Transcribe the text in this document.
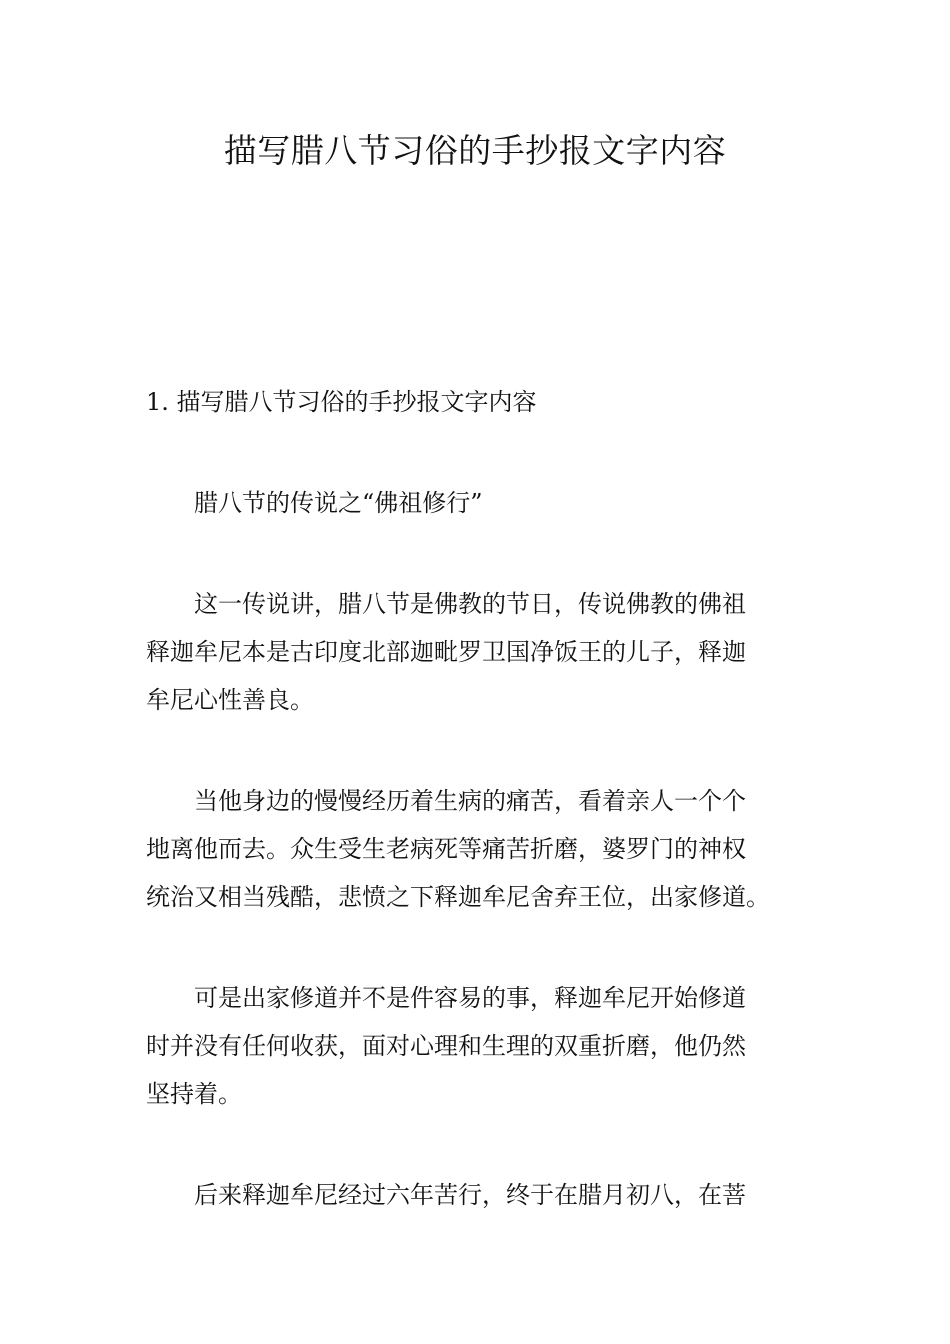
描写腊八节习俗的手抄报文字内容
1. 描写腊八节习俗的手抄报文字内容
腊八节的传说之“佛祖修行”
这一传说讲，腊八节是佛教的节日，传说佛教的佛祖
释迦牟尼本是古印度北部迦毗罗卫国净饭王的儿子，释迦
牟尼心性善良。
当他身边的慢慢经历着生病的痛苦，看着亲人一个个
地离他而去。众生受生老病死等痛苦折磨，婆罗门的神权
统治又相当残酷，悲愤之下释迦牟尼舍弃王位，出家修道。
可是出家修道并不是件容易的事，释迦牟尼开始修道
时并没有任何收获，面对心理和生理的双重折磨，他仍然
坚持着。
后来释迦牟尼经过六年苦行，终于在腊月初八，在菩
